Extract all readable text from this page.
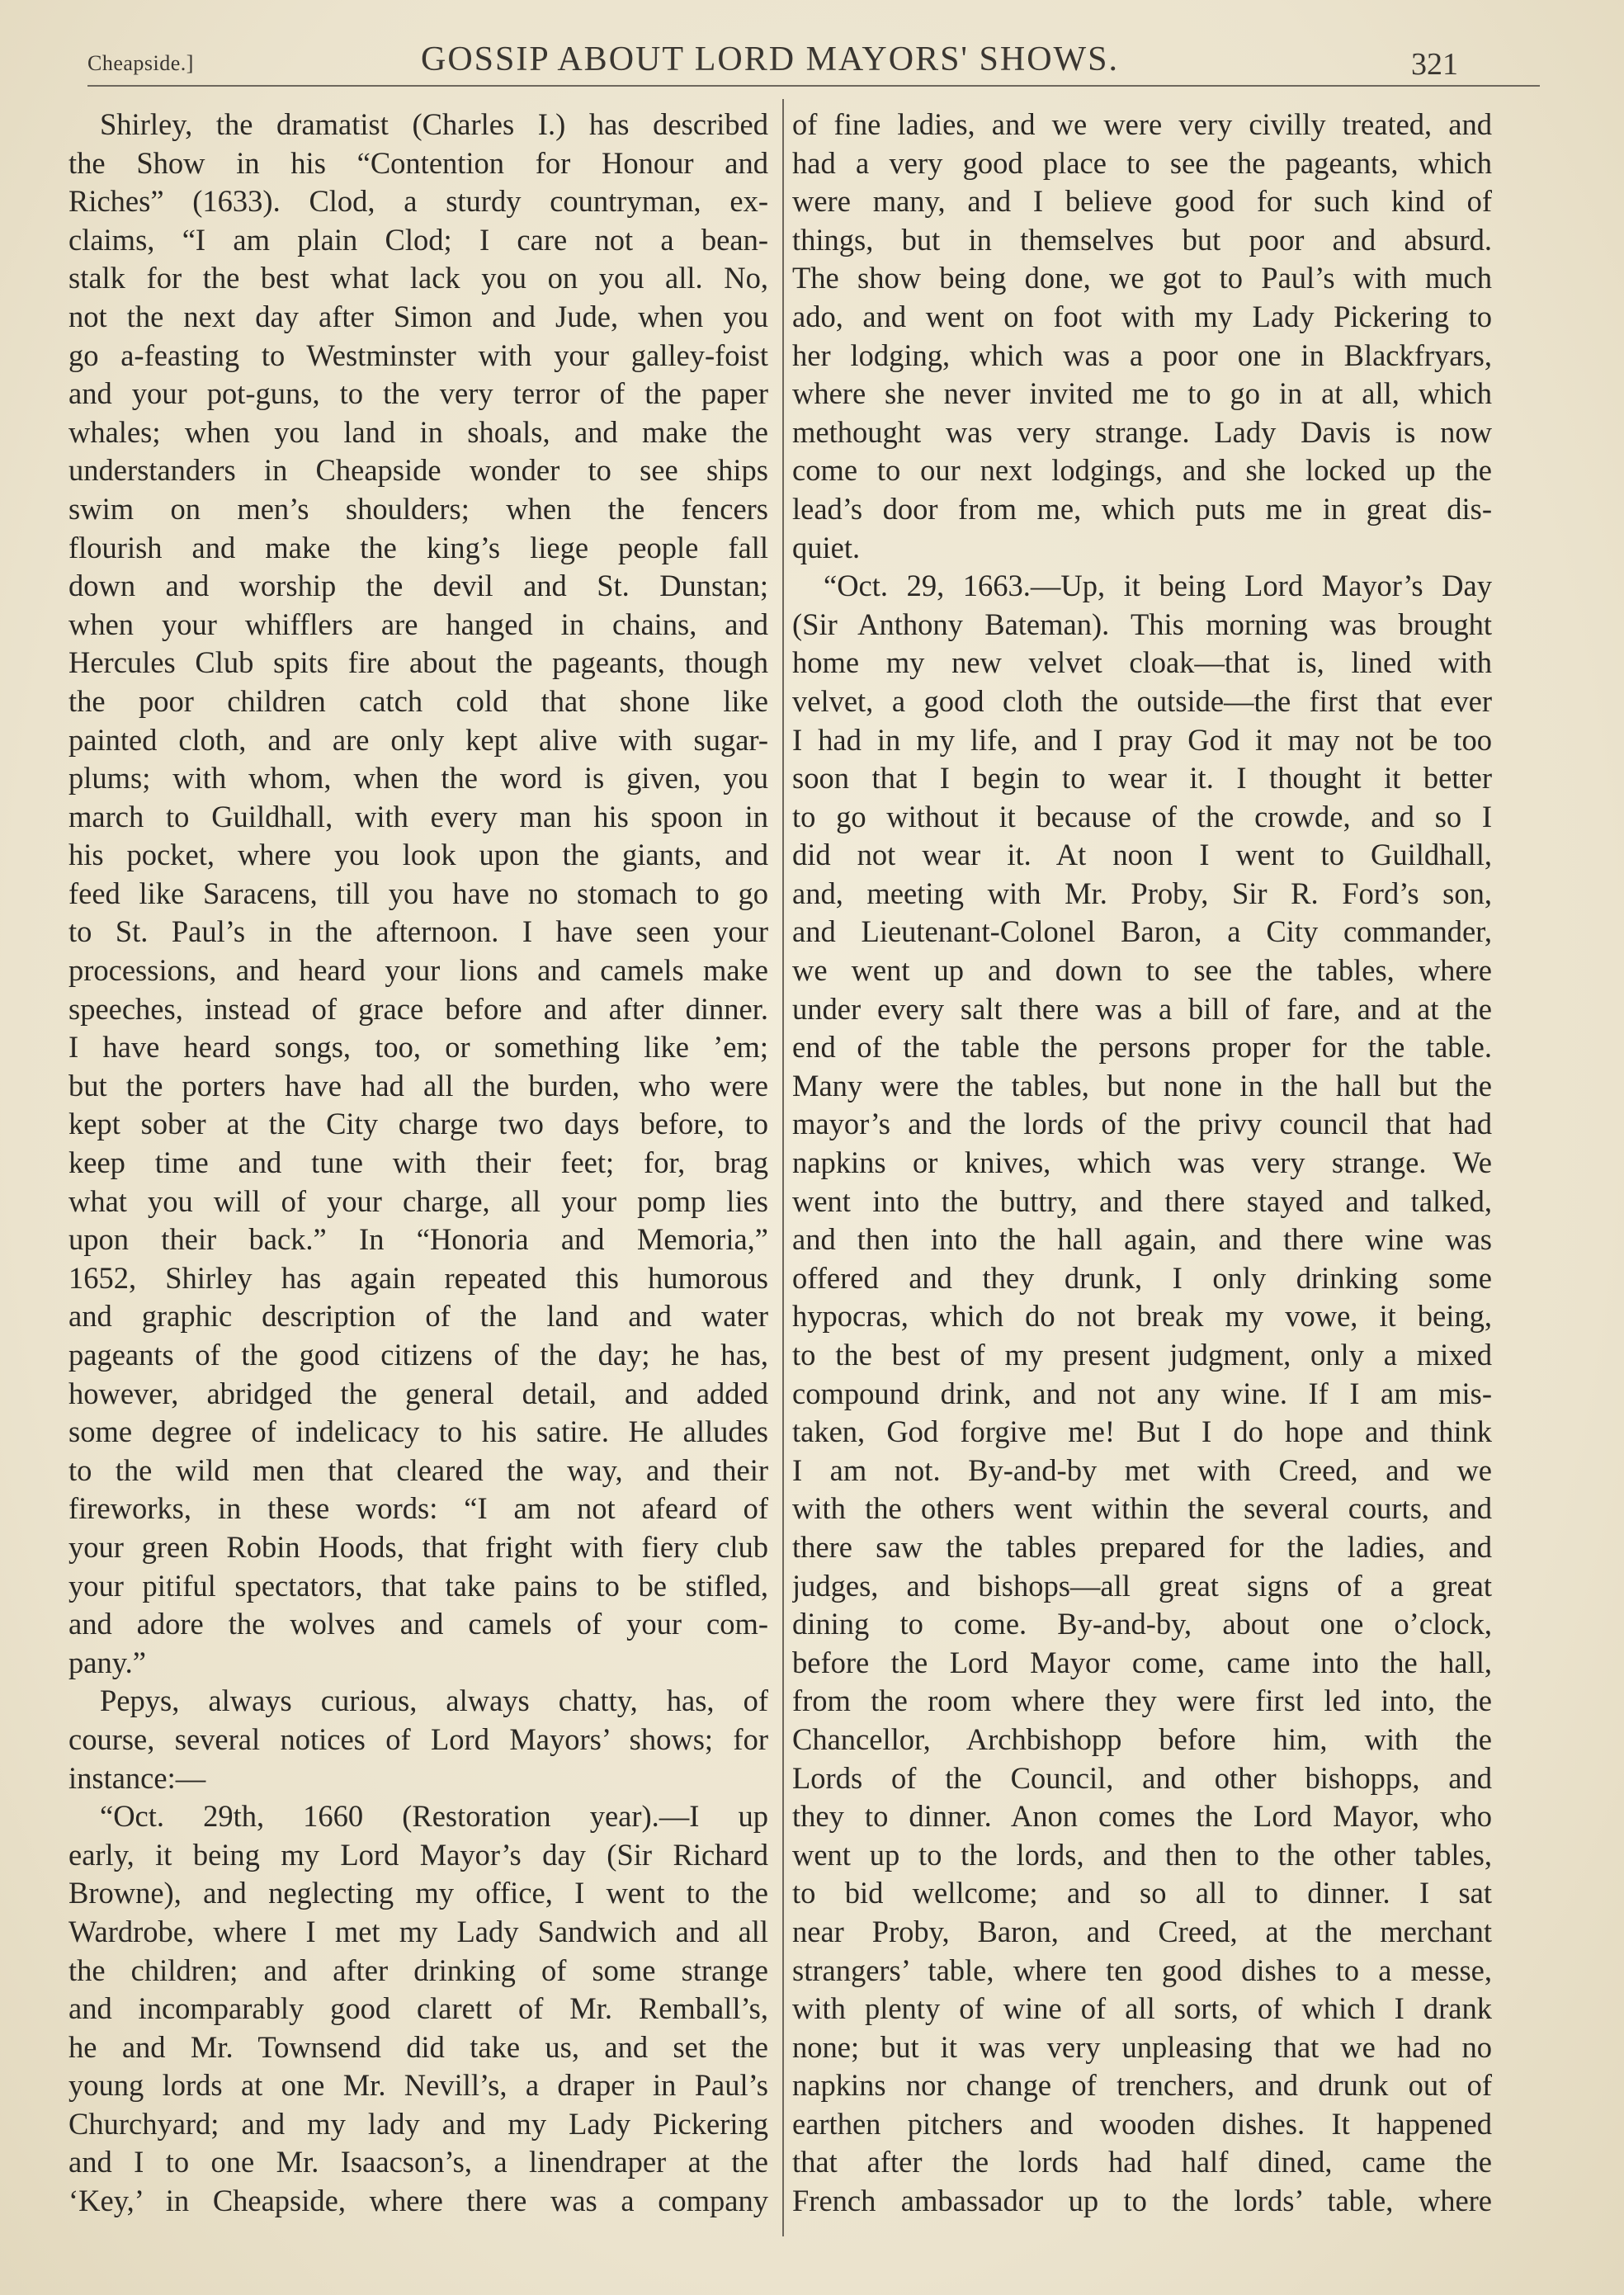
Cheapside.]	GOSSIP ABOUT LORD MAYORS' SHOWS.	321
Shirley, the dramatist (Charles I.) has described
the Show in his “Contention for Honour and
Riches” (1633). Clod, a sturdy countryman, ex-
claims, “I am plain Clod; I care not a bean-
stalk for the best what lack you on you all. No,
not the next day after Simon and Jude, when you
go a-feasting to Westminster with your galley-foist
and your pot-guns, to the very terror of the paper
whales; when you land in shoals, and make the
understanders in Cheapside wonder to see ships
swim on men’s shoulders; when the fencers
flourish and make the king’s liege people fall
down and worship the devil and St. Dunstan;
when your whifflers are hanged in chains, and
Hercules Club spits fire about the pageants, though
the poor children catch cold that shone like
painted cloth, and are only kept alive with sugar-
plums; with whom, when the word is given, you
march to Guildhall, with every man his spoon in
his pocket, where you look upon the giants, and
feed like Saracens, till you have no stomach to go
to St. Paul’s in the afternoon. I have seen your
processions, and heard your lions and camels make
speeches, instead of grace before and after dinner.
I have heard songs, too, or something like ’em;
but the porters have had all the burden, who were
kept sober at the City charge two days before, to
keep time and tune with their feet; for, brag
what you will of your charge, all your pomp lies
upon their back.” In “Honoria and Memoria,”
1652, Shirley has again repeated this humorous
and graphic description of the land and water
pageants of the good citizens of the day; he has,
however, abridged the general detail, and added
some degree of indelicacy to his satire. He alludes
to the wild men that cleared the way, and their
fireworks, in these words: “I am not afeard of
your green Robin Hoods, that fright with fiery club
your pitiful spectators, that take pains to be stifled,
and adore the wolves and camels of your com-
pany.”
Pepys, always curious, always chatty, has, of
course, several notices of Lord Mayors’ shows; for
instance:—
“Oct. 29th, 1660 (Restoration year).—I up
early, it being my Lord Mayor’s day (Sir Richard
Browne), and neglecting my office, I went to the
Wardrobe, where I met my Lady Sandwich and all
the children; and after drinking of some strange
and incomparably good clarett of Mr. Remball’s,
he and Mr. Townsend did take us, and set the
young lords at one Mr. Nevill’s, a draper in Paul’s
Churchyard; and my lady and my Lady Pickering
and I to one Mr. Isaacson’s, a linendraper at the
‘Key,’ in Cheapside, where there was a company
of fine ladies, and we were very civilly treated, and
had a very good place to see the pageants, which
were many, and I believe good for such kind of
things, but in themselves but poor and absurd.
The show being done, we got to Paul’s with much
ado, and went on foot with my Lady Pickering to
her lodging, which was a poor one in Blackfryars,
where she never invited me to go in at all, which
methought was very strange. Lady Davis is now
come to our next lodgings, and she locked up the
lead’s door from me, which puts me in great dis-
quiet.
“Oct. 29, 1663.—Up, it being Lord Mayor’s Day
(Sir Anthony Bateman). This morning was brought
home my new velvet cloak—that is, lined with
velvet, a good cloth the outside—the first that ever
I had in my life, and I pray God it may not be too
soon that I begin to wear it. I thought it better
to go without it because of the crowde, and so I
did not wear it. At noon I went to Guildhall,
and, meeting with Mr. Proby, Sir R. Ford’s son,
and Lieutenant-Colonel Baron, a City commander,
we went up and down to see the tables, where
under every salt there was a bill of fare, and at the
end of the table the persons proper for the table.
Many were the tables, but none in the hall but the
mayor’s and the lords of the privy council that had
napkins or knives, which was very strange. We
went into the buttry, and there stayed and talked,
and then into the hall again, and there wine was
offered and they drunk, I only drinking some
hypocras, which do not break my vowe, it being,
to the best of my present judgment, only a mixed
compound drink, and not any wine. If I am mis-
taken, God forgive me! But I do hope and think
I am not. By-and-by met with Creed, and we
with the others went within the several courts, and
there saw the tables prepared for the ladies, and
judges, and bishops—all great signs of a great
dining to come. By-and-by, about one o’clock,
before the Lord Mayor come, came into the hall,
from the room where they were first led into, the
Chancellor, Archbishopp before him, with the
Lords of the Council, and other bishopps, and
they to dinner. Anon comes the Lord Mayor, who
went up to the lords, and then to the other tables,
to bid wellcome; and so all to dinner. I sat
near Proby, Baron, and Creed, at the merchant
strangers’ table, where ten good dishes to a messe,
with plenty of wine of all sorts, of which I drank
none; but it was very unpleasing that we had no
napkins nor change of trenchers, and drunk out of
earthen pitchers and wooden dishes. It happened
that after the lords had half dined, came the
French ambassador up to the lords’ table, where
